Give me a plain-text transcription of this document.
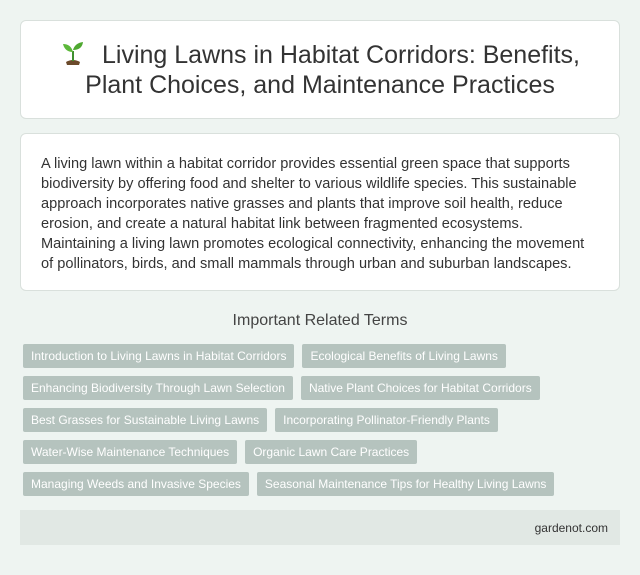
Living Lawns in Habitat Corridors: Benefits, Plant Choices, and Maintenance Practices

A living lawn within a habitat corridor provides essential green space that supports biodiversity by offering food and shelter to various wildlife species. This sustainable approach incorporates native grasses and plants that improve soil health, reduce erosion, and create a natural habitat link between fragmented ecosystems. Maintaining a living lawn promotes ecological connectivity, enhancing the movement of pollinators, birds, and small mammals through urban and suburban landscapes.

Important Related Terms
Introduction to Living Lawns in Habitat Corridors	Ecological Benefits of Living Lawns
Enhancing Biodiversity Through Lawn Selection	Native Plant Choices for Habitat Corridors
Best Grasses for Sustainable Living Lawns	Incorporating Pollinator-Friendly Plants
Water-Wise Maintenance Techniques	Organic Lawn Care Practices
Managing Weeds and Invasive Species	Seasonal Maintenance Tips for Healthy Living Lawns
gardenot.com
